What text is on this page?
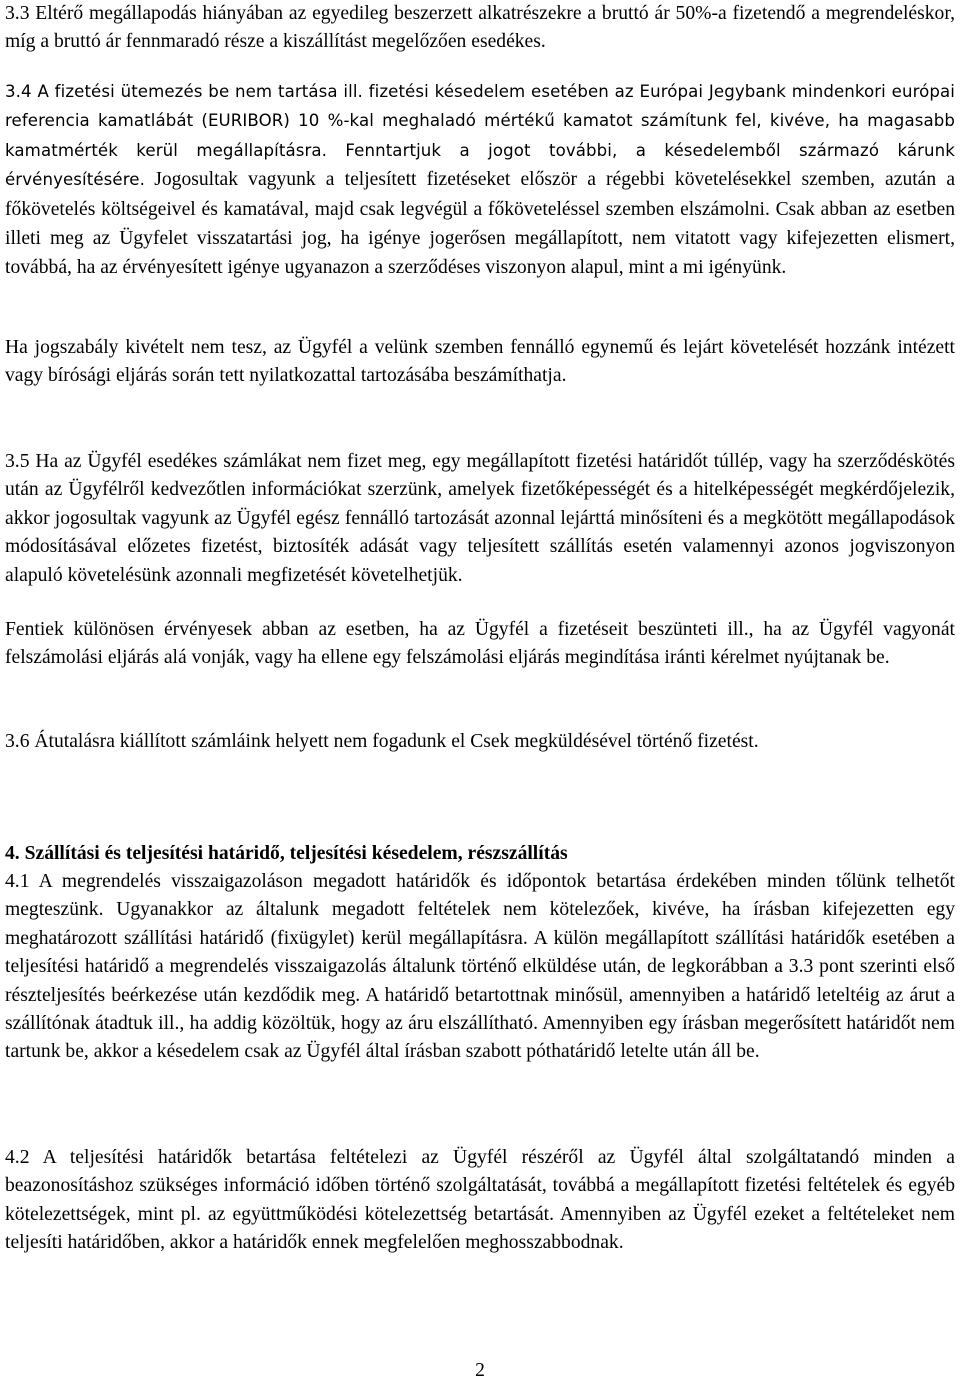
3.3 Eltérő megállapodás hiányában az egyedileg beszerzett alkatrészekre a bruttó ár 50%-a fizetendő a megrendeléskor, míg a bruttó ár fennmaradó része a kiszállítást megelőzően esedékes.

3.4 A fizetési ütemezés be nem tartása ill. fizetési késedelem esetében az Európai Jegybank mindenkori európai referencia kamatlábát (EURIBOR) 10 %-kal meghaladó mértékű kamatot számítunk fel, kivéve, ha magasabb kamatmérték kerül megállapításra. Fenntartjuk a jogot további, a késedelemből származó kárunk érvényesítésére. Jogosultak vagyunk a teljesített fizetéseket először a régebbi követelésekkel szemben, azután a főkövetelés költségeivel és kamatával, majd csak legvégül a főköveteléssel szemben elszámolni. Csak abban az esetben illeti meg az Ügyfelet visszatartási jog, ha igénye jogerősen megállapított, nem vitatott vagy kifejezetten elismert, továbbá, ha az érvényesített igénye ugyanazon a szerződéses viszonyon alapul, mint a mi igényünk.

Ha jogszabály kivételt nem tesz, az Ügyfél a velünk szemben fennálló egynemű és lejárt követelését hozzánk intézett vagy bírósági eljárás során tett nyilatkozattal tartozásába beszámíthatja.

3.5 Ha az Ügyfél esedékes számlákat nem fizet meg, egy megállapított fizetési határidőt túllép, vagy ha szerződéskötés után az Ügyfélről kedvezőtlen információkat szerzünk, amelyek fizetőképességét és a hitelképességét megkérdőjelezik, akkor jogosultak vagyunk az Ügyfél egész fennálló tartozását azonnal lejárttá minősíteni és a megkötött megállapodások módosításával előzetes fizetést, biztosíték adását vagy teljesített szállítás esetén valamennyi azonos jogviszonyon alapuló követelésünk azonnali megfizetését követelhetjük.

Fentiek különösen érvényesek abban az esetben, ha az Ügyfél a fizetéseit beszünteti ill., ha az Ügyfél vagyonát felszámolási eljárás alá vonják, vagy ha ellene egy felszámolási eljárás megindítása iránti kérelmet nyújtanak be.

3.6 Átutalásra kiállított számláink helyett nem fogadunk el Csek megküldésével történő fizetést.

4. Szállítási és teljesítési határidő, teljesítési késedelem, részszállítás

4.1 A megrendelés visszaigazoláson megadott határidők és időpontok betartása érdekében minden tőlünk telhetőt megteszünk. Ugyanakkor az általunk megadott feltételek nem kötelezőek, kivéve, ha írásban kifejezetten egy meghatározott szállítási határidő (fixügylet) kerül megállapításra. A külön megállapított szállítási határidők esetében a teljesítési határidő a megrendelés visszaigazolás általunk történő elküldése után, de legkorábban a 3.3 pont szerinti első részteljesítés beérkezése után kezdődik meg. A határidő betartottnak minősül, amennyiben a határidő leteltéig az árut a szállítónak átadtuk ill., ha addig közöltük, hogy az áru elszállítható. Amennyiben egy írásban megerősített határidőt nem tartunk be, akkor a késedelem csak az Ügyfél által írásban szabott póthatáridő letelte után áll be.

4.2 A teljesítési határidők betartása feltételezi az Ügyfél részéről az Ügyfél által szolgáltatandó minden a beazonosításhoz szükséges információ időben történő szolgáltatását, továbbá a megállapított fizetési feltételek és egyéb kötelezettségek, mint pl. az együttműködési kötelezettség betartását. Amennyiben az Ügyfél ezeket a feltételeket nem teljesíti határidőben, akkor a határidők ennek megfelelően meghosszabbodnak.

2
